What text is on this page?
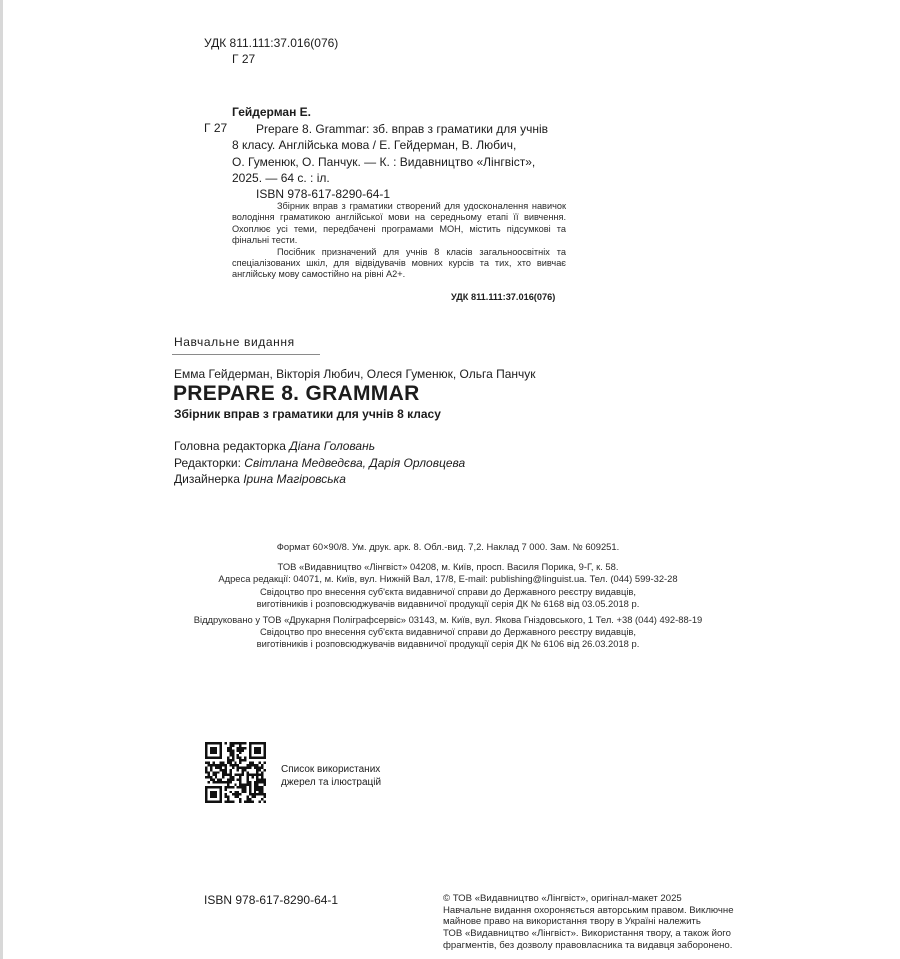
УДК 811.111:37.016(076)
Г 27
Гейдерман Е.
Г 27	Prepare 8. Grammar: зб. вправ з граматики для учнів

8 класу. Англійська мова / Е. Гейдерман, В. Любич,

О. Гуменюк, О. Панчук. — К. : Видавництво «Лінгвіст»,

2025. — 64 с. : іл.

ISBN 978-617-8290-64-1

Збірник вправ з граматики створений для удосконалення навичок володіння граматикою англійської мови на середньому етапі її вивчення. Охоплює усі теми, передбачені програмами МОН, містить підсумкові та фінальні тести.

Посібник призначений для учнів 8 класів загальноосвітніх та спеціалізованих шкіл, для відвідувачів мовних курсів та тих, хто вивчає англійську мову самостійно на рівні А2+.

УДК 811.111:37.016(076)
Навчальне видання
Емма Гейдерман, Вікторія Любич, Олеся Гуменюк, Ольга Панчук
PREPARE 8. GRAMMAR
Збірник вправ з граматики для учнів 8 класу
Головна редакторка Діана Головань
Редакторки: Світлана Медведєва, Дарія Орловцева
Дизайнерка Ірина Магіровська
Формат 60×90/8. Ум. друк. арк. 8. Обл.-вид. 7,2. Наклад 7 000. Зам. № 609251.
ТОВ «Видавництво «Лінгвіст» 04208, м. Київ, просп. Василя Порика, 9-Г, к. 58.
Адреса редакції: 04071, м. Київ, вул. Нижній Вал, 17/8, E-mail: publishing@linguist.ua. Тел. (044) 599-32-28
Свідоцтво про внесення суб'єкта видавничої справи до Державного реєстру видавців,
виготівників і розповсюджувачів видавничої продукції серія ДК № 6168 від 03.05.2018 р.
Віддруковано у ТОВ «Друкарня Поліграфсервіс» 03143, м. Київ, вул. Якова Гніздовського, 1 Тел. +38 (044) 492-88-19
Свідоцтво про внесення суб'єкта видавничої справи до Державного реєстру видавців,
виготівників і розповсюджувачів видавничої продукції серія ДК № 6106 від 26.03.2018 р.
Список використаних
джерел та ілюстрацій
ISBN 978-617-8290-64-1	© ТОВ «Видавництво «Лінгвіст», оригінал-макет 2025
Навчальне видання охороняється авторським правом. Виключне
майнове право на використання твору в Україні належить
ТОВ «Видавництво «Лінгвіст». Використання твору, а також його
фрагментів, без дозволу правовласника та видавця заборонено.
